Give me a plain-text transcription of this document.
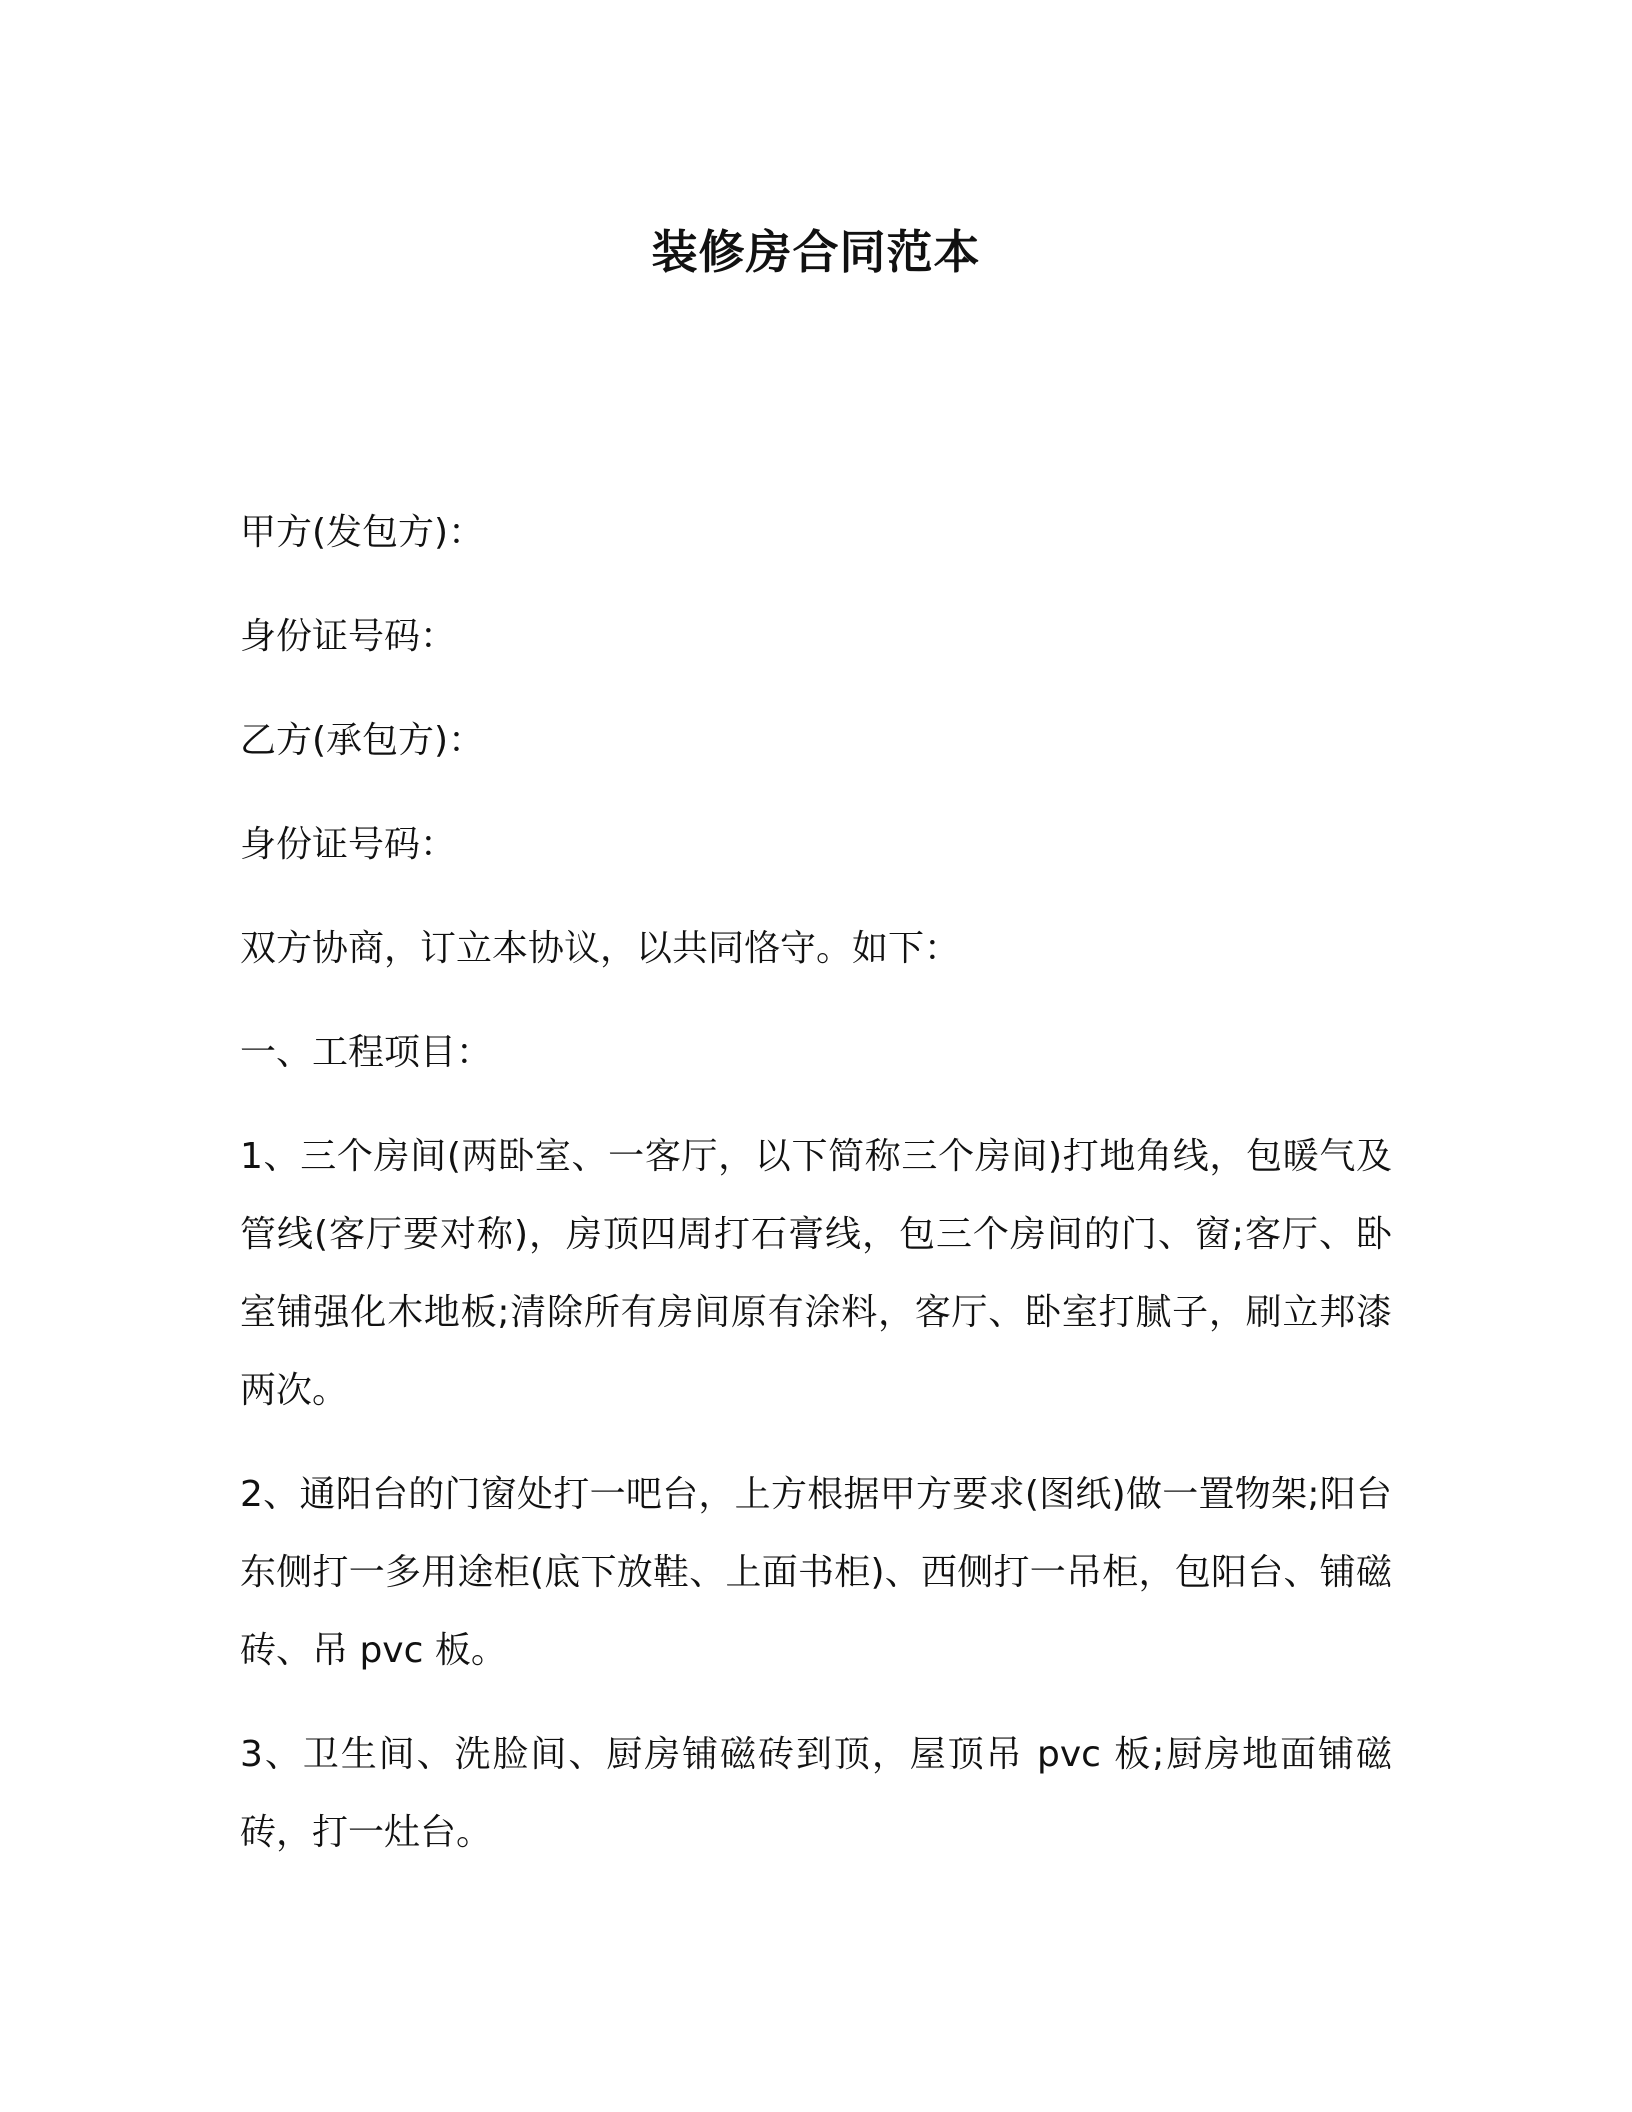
装修房合同范本

甲方(发包方)：

身份证号码：

乙方(承包方)：

身份证号码：

双方协商，订立本协议，以共同恪守。如下：

一、工程项目：

1、三个房间(两卧室、一客厅，以下简称三个房间)打地角线，包暖气及管线(客厅要对称)，房顶四周打石膏线，包三个房间的门、窗;客厅、卧室铺强化木地板;清除所有房间原有涂料，客厅、卧室打腻子，刷立邦漆两次。

2、通阳台的门窗处打一吧台，上方根据甲方要求(图纸)做一置物架;阳台东侧打一多用途柜(底下放鞋、上面书柜)、西侧打一吊柜，包阳台、铺磁砖、吊 pvc 板。

3、卫生间、洗脸间、厨房铺磁砖到顶，屋顶吊 pvc 板;厨房地面铺磁砖，打一灶台。
